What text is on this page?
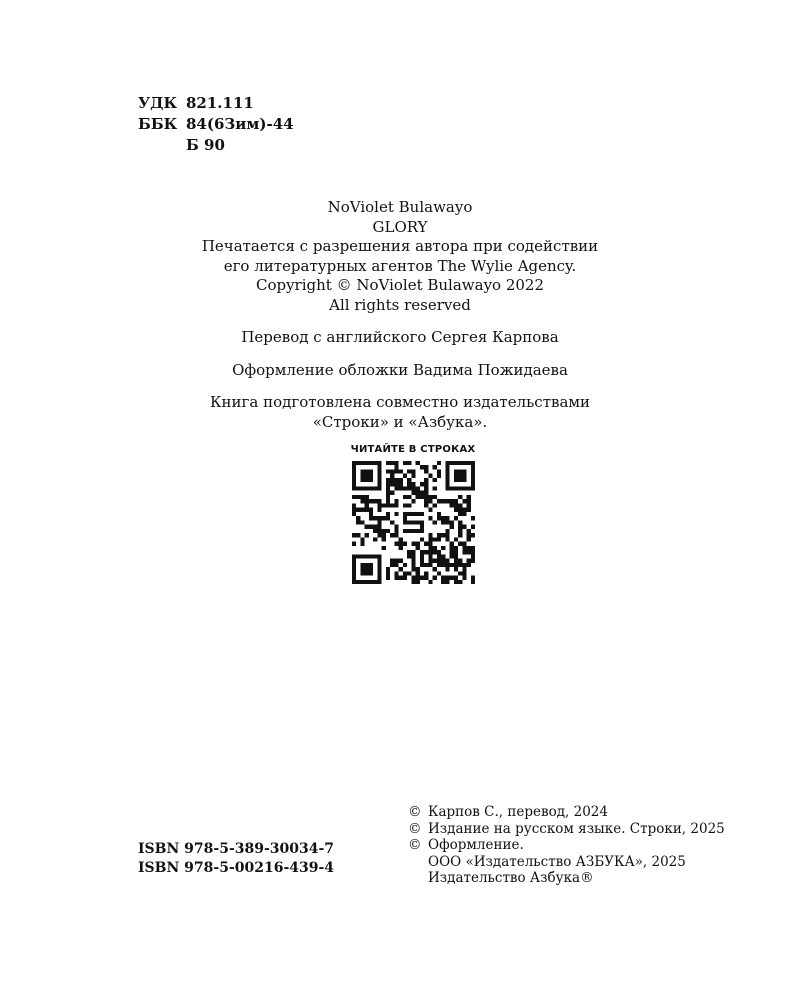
УДК 821.111
ББК 84(6Зим)-44
Б 90
NoViolet Bulawayo
GLORY
Печатается с разрешения автора при содействии
его литературных агентов The Wylie Agency.
Copyright © NoViolet Bulawayo 2022
All rights reserved
Перевод с английского Сергея Карпова
Оформление обложки Вадима Пожидаева
Книга подготовлена совместно издательствами
«Строки» и «Азбука».
ЧИТАЙТЕ В СТРОКАХ
ISBN 978-5-389-30034-7
ISBN 978-5-00216-439-4
© Карпов С., перевод, 2024
© Издание на русском языке. Строки, 2025
© Оформление.
ООО «Издательство АЗБУКА», 2025
Издательство Азбука®
